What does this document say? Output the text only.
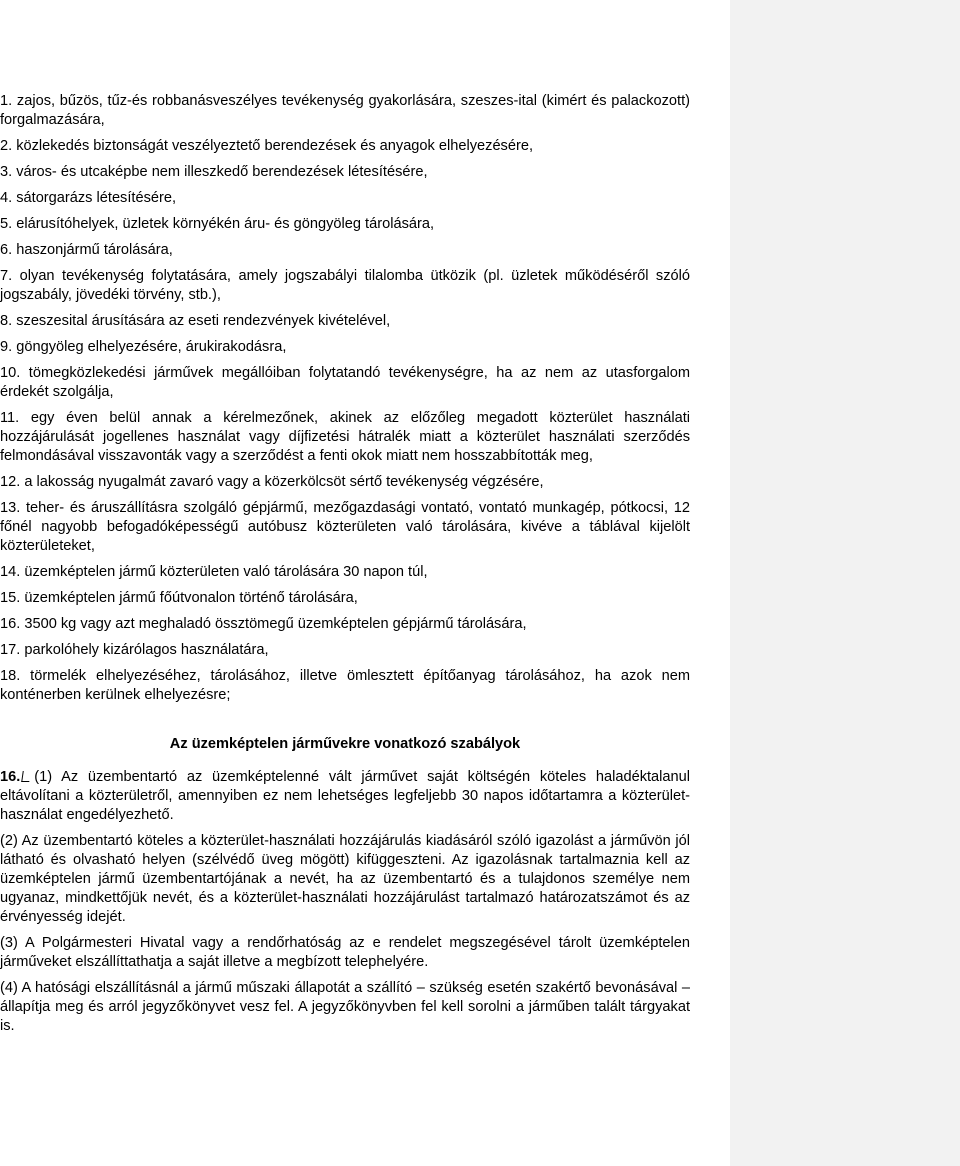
1. zajos, bűzös, tűz-és robbanásveszélyes tevékenység gyakorlására, szeszes-ital (kimért és palackozott) forgalmazására,

2. közlekedés biztonságát veszélyeztető berendezések és anyagok elhelyezésére,

3. város- és utcaképbe nem illeszkedő berendezések létesítésére,

4. sátorgarázs létesítésére,

5. elárusítóhelyek, üzletek környékén áru- és göngyöleg tárolására,

6. haszonjármű tárolására,

7. olyan tevékenység folytatására, amely jogszabályi tilalomba ütközik (pl. üzletek működéséről szóló jogszabály, jövedéki törvény, stb.),

8. szeszesital árusítására az eseti rendezvények kivételével,

9. göngyöleg elhelyezésére, árukirakodásra,

10. tömegközlekedési járművek megállóiban folytatandó tevékenységre, ha az nem az utasforgalom érdekét szolgálja,

11. egy éven belül annak a kérelmezőnek, akinek az előzőleg megadott közterület használati hozzájárulását jogellenes használat vagy díjfizetési hátralék miatt a közterület használati szerződés felmondásával visszavonták vagy a szerződést a fenti okok miatt nem hosszabbították meg,

12. a lakosság nyugalmát zavaró vagy a közerkölcsöt sértő tevékenység végzésére,

13. teher- és áruszállításra szolgáló gépjármű, mezőgazdasági vontató, vontató munkagép, pótkocsi, 12 főnél nagyobb befogadóképességű autóbusz közterületen való tárolására, kivéve a táblával kijelölt közterületeket,

14. üzemképtelen jármű közterületen való tárolására 30 napon túl,

15. üzemképtelen jármű főútvonalon történő tárolására,

16. 3500 kg vagy azt meghaladó össztömegű üzemképtelen gépjármű tárolására,

17. parkolóhely kizárólagos használatára,

18. törmelék elhelyezéséhez, tárolásához, illetve ömlesztett építőanyag tárolásához, ha azok nem konténerben kerülnek elhelyezésre;

Az üzemképtelen járművekre vonatkozó szabályok

16. (1) Az üzembentartó az üzemképtelenné vált járművet saját költségén köteles haladéktalanul eltávolítani a közterületről, amennyiben ez nem lehetséges legfeljebb 30 napos időtartamra a közterület-használat engedélyezhető.

(2) Az üzembentartó köteles a közterület-használati hozzájárulás kiadásáról szóló igazolást a járművön jól látható és olvasható helyen (szélvédő üveg mögött) kifüggeszteni. Az igazolásnak tartalmaznia kell az üzemképtelen jármű üzembentartójának a nevét, ha az üzembentartó és a tulajdonos személye nem ugyanaz, mindkettőjük nevét, és a közterület-használati hozzájárulást tartalmazó határozatszámot és az érvényesség idejét.

(3) A Polgármesteri Hivatal vagy a rendőrhatóság az e rendelet megszegésével tárolt üzemképtelen járműveket elszállíttathatja a saját illetve a megbízott telephelyére.

(4) A hatósági elszállításnál a jármű műszaki állapotát a szállító – szükség esetén szakértő bevonásával – állapítja meg és arról jegyzőkönyvet vesz fel. A jegyzőkönyvben fel kell sorolni a járműben talált tárgyakat is.
